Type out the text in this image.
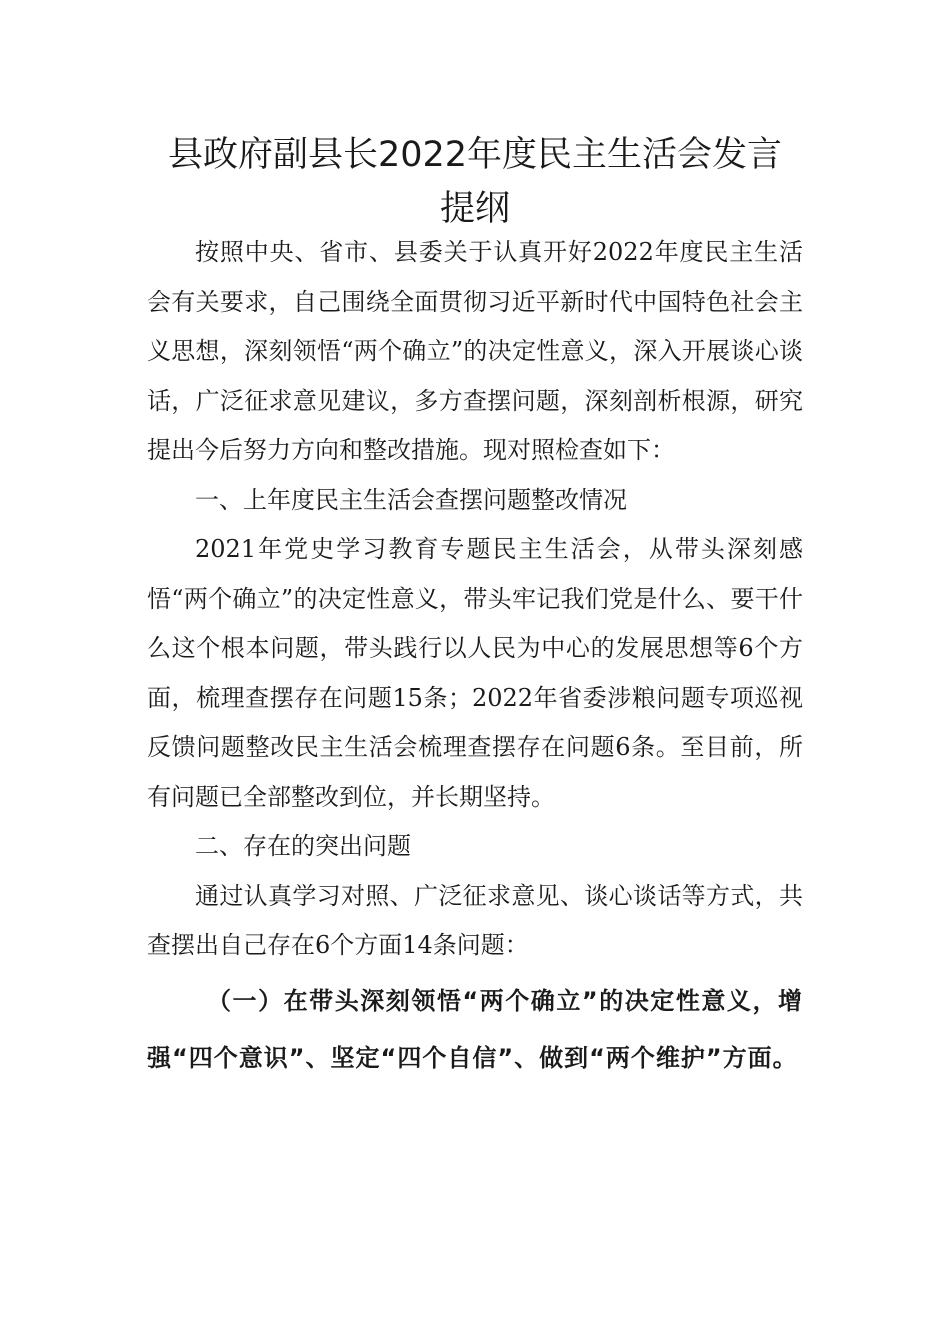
县政府副县长2022年度民主生活会发言
提纲

按照中央、省市、县委关于认真开好2022年度民主生活会有关要求，自己围绕全面贯彻习近平新时代中国特色社会主义思想，深刻领悟“两个确立”的决定性意义，深入开展谈心谈话，广泛征求意见建议，多方查摆问题，深刻剖析根源，研究提出今后努力方向和整改措施。现对照检查如下：

一、上年度民主生活会查摆问题整改情况

2021年党史学习教育专题民主生活会，从带头深刻感悟“两个确立”的决定性意义，带头牢记我们党是什么、要干什么这个根本问题，带头践行以人民为中心的发展思想等6个方面，梳理查摆存在问题15条；2022年省委涉粮问题专项巡视反馈问题整改民主生活会梳理查摆存在问题6条。至目前，所有问题已全部整改到位，并长期坚持。

二、存在的突出问题

通过认真学习对照、广泛征求意见、谈心谈话等方式，共查摆出自己存在6个方面14条问题：

（一）在带头深刻领悟“两个确立”的决定性意义，增强“四个意识”、坚定“四个自信”、做到“两个维护”方面。
